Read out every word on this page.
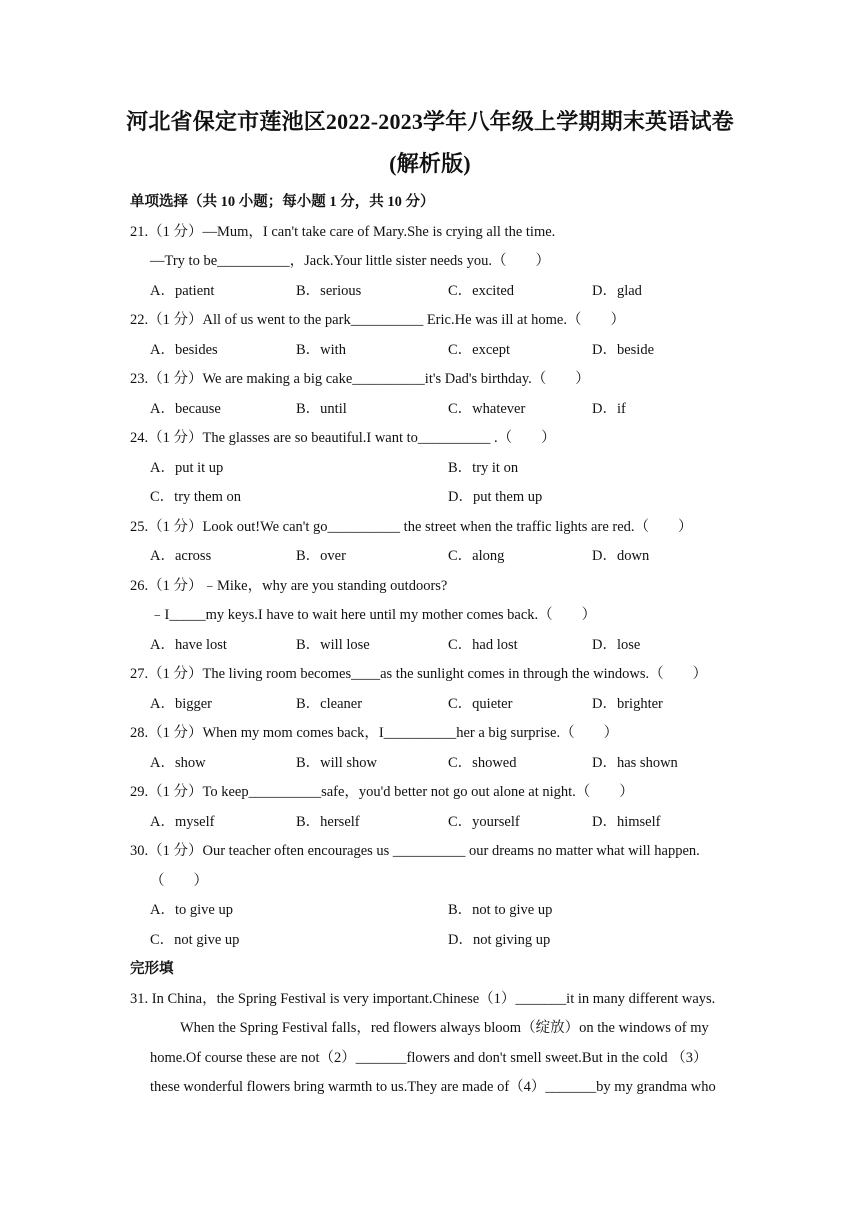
河北省保定市莲池区2022-2023学年八年级上学期期末英语试卷
(解析版)
单项选择（共 10 小题；每小题 1 分，共 10 分）
21.（1 分）—Mum，I can't take care of Mary.She is crying all the time.
—Try to be__________，Jack.Your little sister needs you.（　　）
A．patient	B．serious	C．excited	D．glad
22.（1 分）All of us went to the park__________ Eric.He was ill at home.（　　）
A．besides	B．with	C．except	D．beside
23.（1 分）We are making a big cake__________it's Dad's birthday.（　　）
A．because	B．until	C．whatever	D．if
24.（1 分）The glasses are so beautiful.I want to__________ .（　　）
A．put it up	B．try it on
C．try them on	D．put them up
25.（1 分）Look out!We can't go__________ the street when the traffic lights are red.（　　）
A．across	B．over	C．along	D．down
26.（1 分）﹣Mike，why are you standing outdoors?
﹣I_____my keys.I have to wait here until my mother comes back.（　　）
A．have lost	B．will lose	C．had lost	D．lose
27.（1 分）The living room becomes____as the sunlight comes in through the windows.（　　）
A．bigger	B．cleaner	C．quieter	D．brighter
28.（1 分）When my mom comes back，I__________her a big surprise.（　　）
A．show	B．will show	C．showed	D．has shown
29.（1 分）To keep__________safe，you'd better not go out alone at night.（　　）
A．myself	B．herself	C．yourself	D．himself
30.（1 分）Our teacher often encourages us __________ our dreams no matter what will happen.
（　　）
A．to give up	B．not to give up
C．not give up	D．not giving up
完形填
31. In China，the Spring Festival is very important.Chinese（1）_______it in many different ways.
When the Spring Festival falls，red flowers always bloom（绽放）on the windows of my
home.Of course these are not（2）_______flowers and don't smell sweet.But in the cold （3）
these wonderful flowers bring warmth to us.They are made of（4）_______by my grandma who
